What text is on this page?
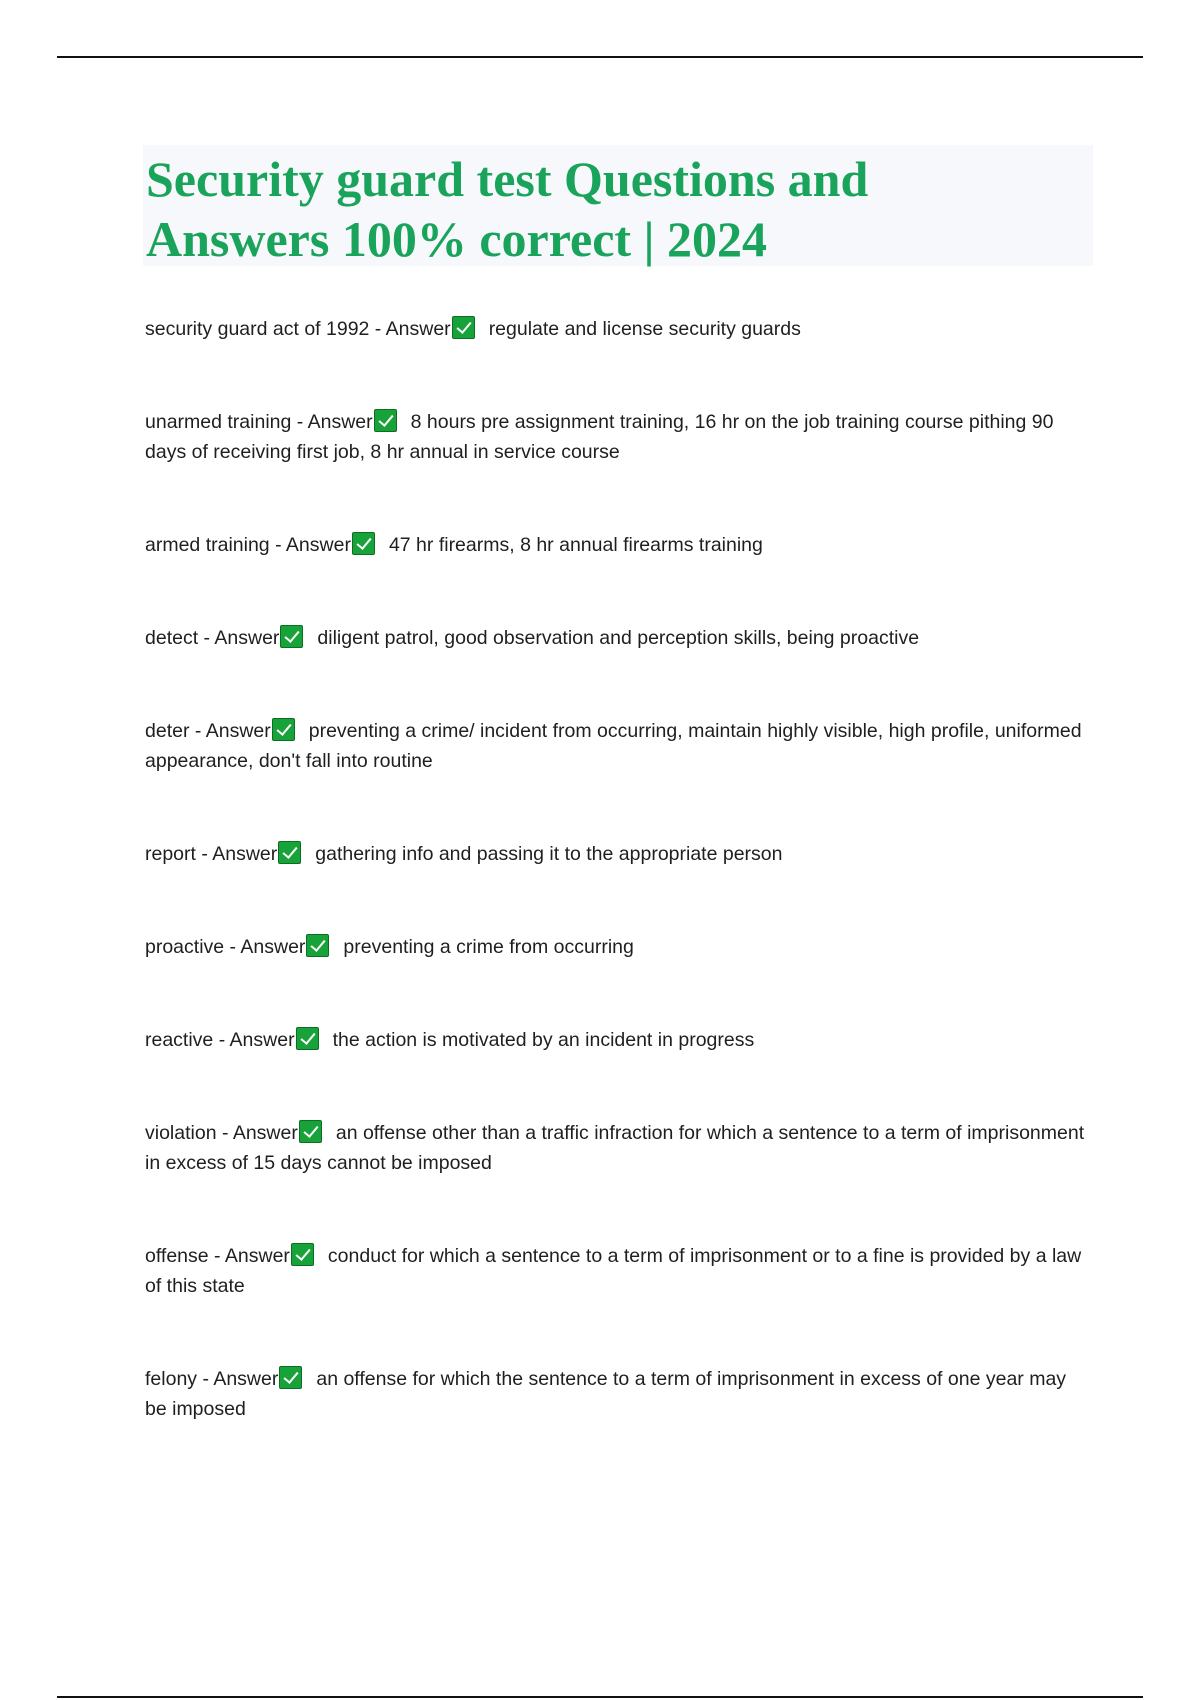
Security guard test Questions and Answers 100% correct | 2024
security guard act of 1992 - Answer regulate and license security guards
unarmed training - Answer 8 hours pre assignment training, 16 hr on the job training course pithing 90 days of receiving first job, 8 hr annual in service course
armed training - Answer 47 hr firearms, 8 hr annual firearms training
detect - Answer diligent patrol, good observation and perception skills, being proactive
deter - Answer preventing a crime/ incident from occurring, maintain highly visible, high profile, uniformed appearance, don't fall into routine
report - Answer gathering info and passing it to the appropriate person
proactive - Answer preventing a crime from occurring
reactive - Answer the action is motivated by an incident in progress
violation - Answer an offense other than a traffic infraction for which a sentence to a term of imprisonment in excess of 15 days cannot be imposed
offense - Answer conduct for which a sentence to a term of imprisonment or to a fine is provided by a law of this state
felony - Answer an offense for which the sentence to a term of imprisonment in excess of one year may be imposed
